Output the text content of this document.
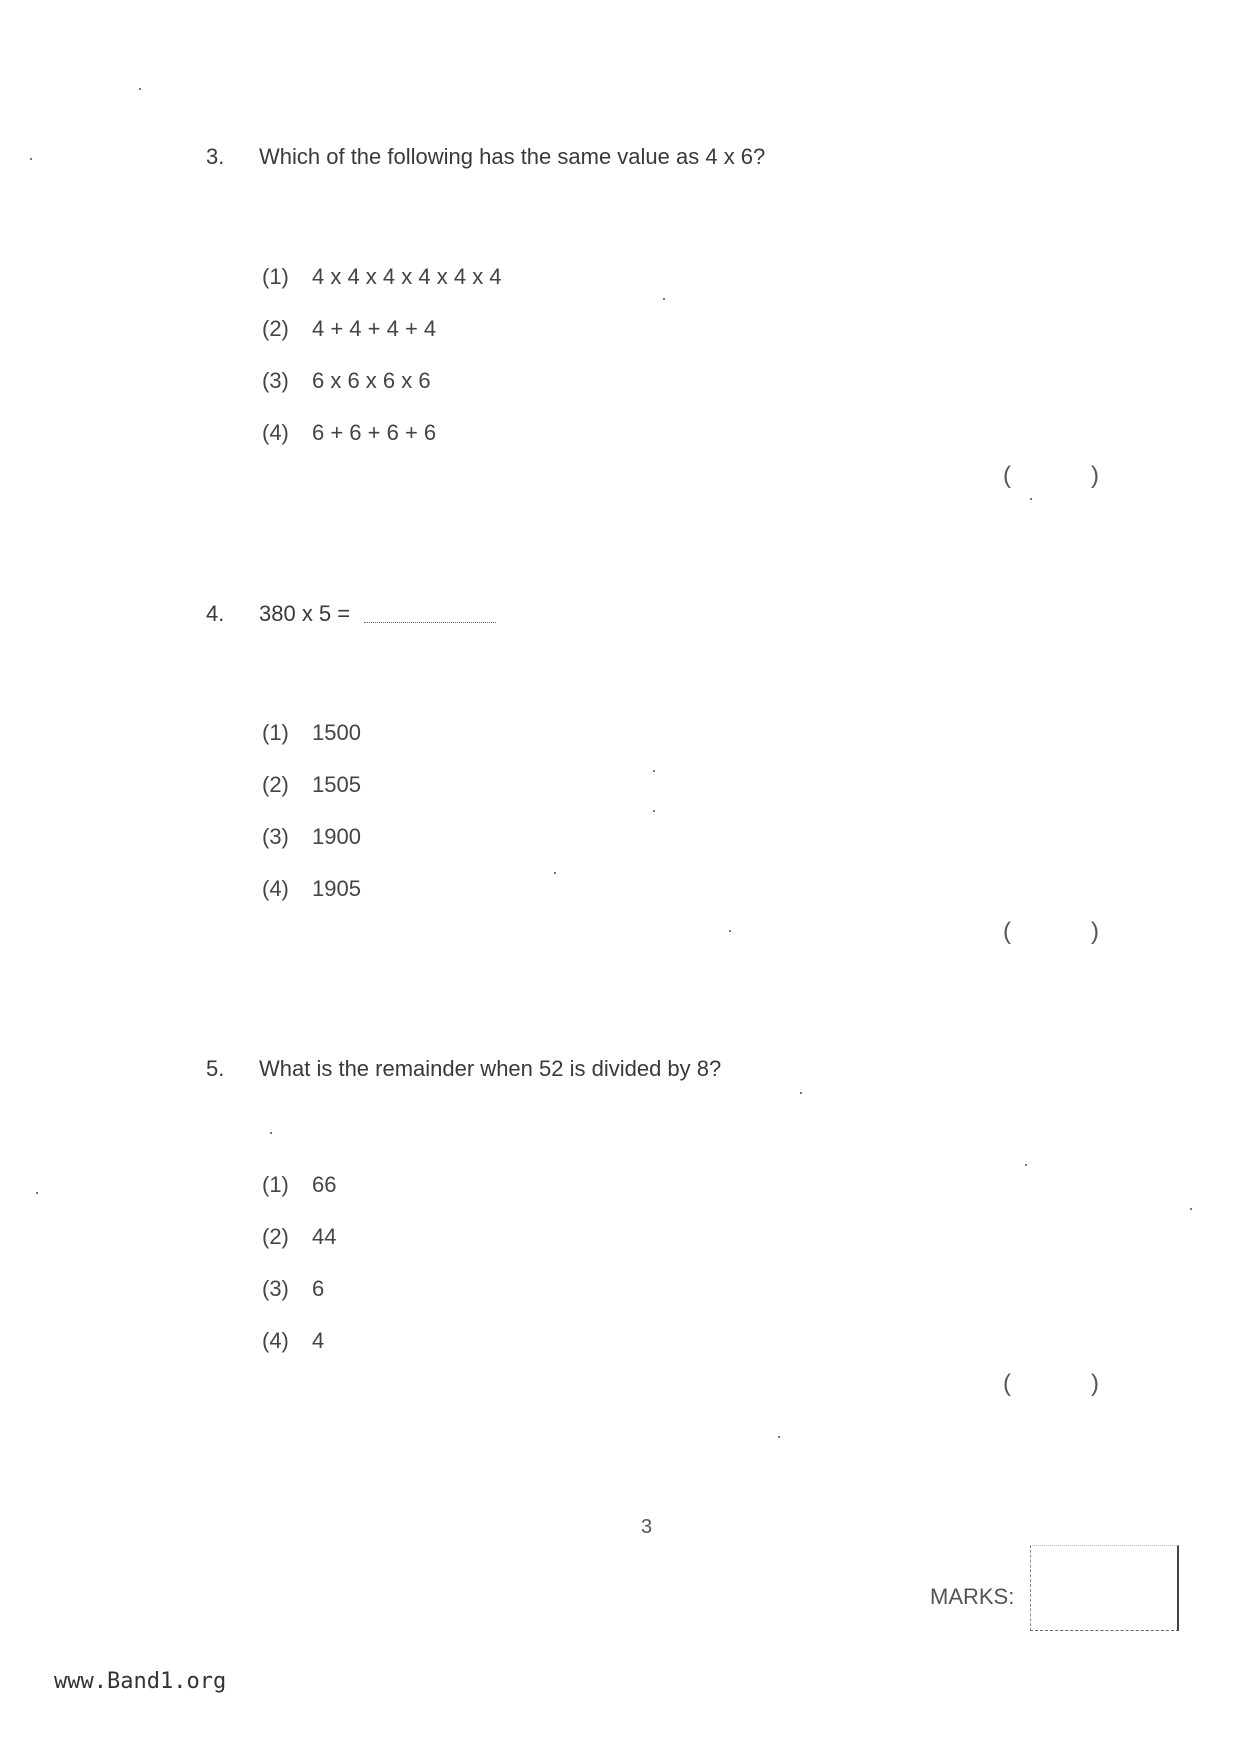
3. Which of the following has the same value as 4 x 6?
(1) 4 x 4 x 4 x 4 x 4 x 4
(2) 4 + 4 + 4 + 4
(3) 6 x 6 x 6 x 6
(4) 6 + 6 + 6 + 6
(            )
4. 380 x 5 =
(1) 1500
(2) 1505
(3) 1900
(4) 1905
(            )
5. What is the remainder when 52 is divided by 8?
(1) 66
(2) 44
(3) 6
(4) 4
(            )
3
MARKS:
www.Band1.org
